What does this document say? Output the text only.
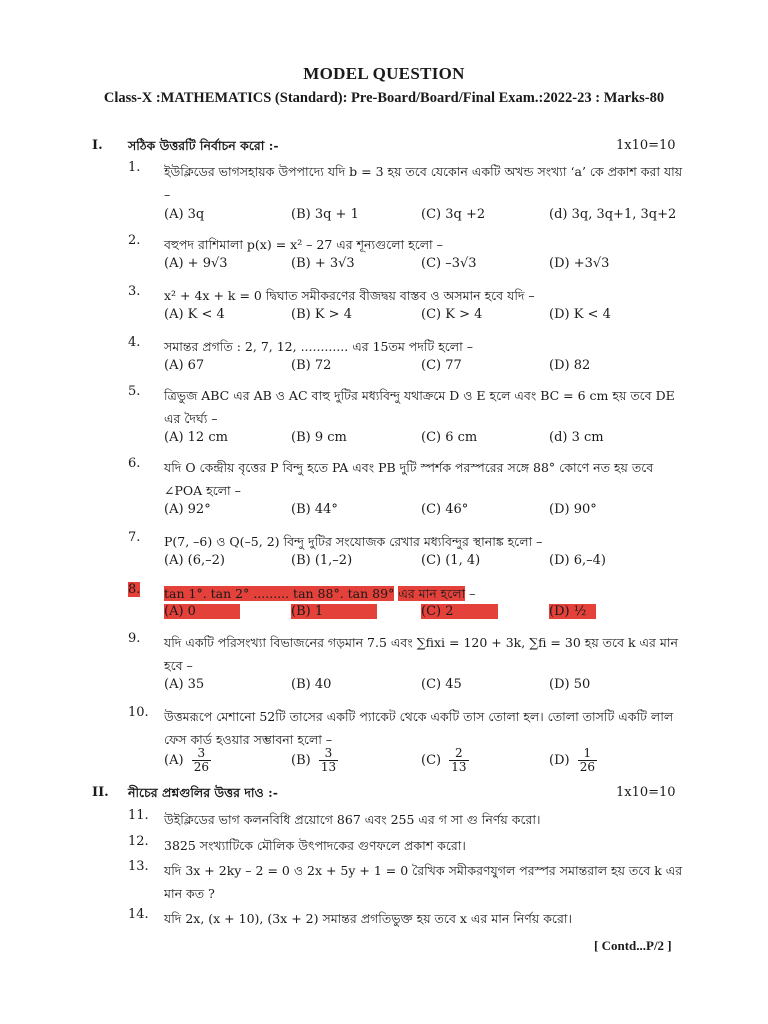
MODEL QUESTION
Class-X :MATHEMATICS (Standard): Pre-Board/Board/Final Exam.:2022-23 : Marks-80
I. সঠিক উত্তরটি নির্বাচন করো :-	1x10=10
1. ইউক্লিডের ভাগসহায়ক উপপাদ্যে যদি b = 3 হয় তবে যেকোন একটি অখন্ড সংখ্যা ‘a’ কে প্রকাশ করা যায় –
(A) 3q	(B) 3q + 1	(C) 3q +2	(d) 3q, 3q+1, 3q+2
2. বহুপদ রাশিমালা p(x) = x² – 27 এর শূন্যগুলো হলো –
(A) + 9√3	(B) + 3√3	(C) –3√3	(D) +3√3
3. x² + 4x + k = 0 দ্বিঘাত সমীকরণের বীজদ্বয় বাস্তব ও অসমান হবে যদি –
(A) K < 4	(B) K > 4	(C) K > 4	(D) K < 4
4. সমান্তর প্রগতি : 2, 7, 12, ............ এর 15তম পদটি হলো –
(A) 67	(B) 72	(C) 77	(D) 82
5. ত্রিভুজ ABC এর AB ও AC বাহু দুটির মধ্যবিন্দু যথাক্রমে D ও E হলে এবং BC = 6 cm হয় তবে DE এর দৈর্ঘ্য –
(A) 12 cm	(B) 9 cm	(C) 6 cm	(d) 3 cm
6. যদি O কেন্দ্রীয় বৃত্তের P বিন্দু হতে PA এবং PB দুটি স্পর্শক পরস্পরের সঙ্গে 88° কোণে নত হয় তবে ∠POA হলো –
(A) 92°	(B) 44°	(C) 46°	(D) 90°
7. P(7, –6) ও Q(–5, 2) বিন্দু দুটির সংযোজক রেখার মধ্যবিন্দুর স্থানাঙ্ক হলো –
(A) (6,–2)	(B) (1,–2)	(C) (1, 4)	(D) 6,–4)
8. tan 1°. tan 2° ......... tan 88°. tan 89° এর মান হলো –
(A) 0	(B) 1	(C) 2	(D) ½
9. যদি একটি পরিসংখ্যা বিভাজনের গড়মান 7.5 এবং ∑fixi = 120 + 3k, ∑fi = 30 হয় তবে k এর মান হবে –
(A) 35	(B) 40	(C) 45	(D) 50
10. উত্তমরূপে মেশানো 52টি তাসের একটি প্যাকেট থেকে একটি তাস তোলা হল। তোলা তাসটি একটি লাল ফেস কার্ড হওয়ার সম্ভাবনা হলো –
$(A) \frac{3}{26}$	$(B) \frac{3}{13}$	$(C) \frac{2}{13}$	$(D) \frac{1}{26}$
II. নীচের প্রশ্নগুলির উত্তর দাও :-	1x10=10
11. উইক্লিডের ভাগ কলনবিধি প্রয়োগে 867 এবং 255 এর গ সা গু নির্ণয় করো।
12. 3825 সংখ্যাটিকে মৌলিক উৎপাদকের গুণফলে প্রকাশ করো।
13. যদি 3x + 2ky – 2 = 0 ও 2x + 5y + 1 = 0 রৈখিক সমীকরণযুগল পরস্পর সমান্তরাল হয় তবে k এর মান কত ?
14. যদি 2x, (x + 10), (3x + 2) সমান্তর প্রগতিভুক্ত হয় তবে x এর মান নির্ণয় করো।
[ Contd...P/2 ]
